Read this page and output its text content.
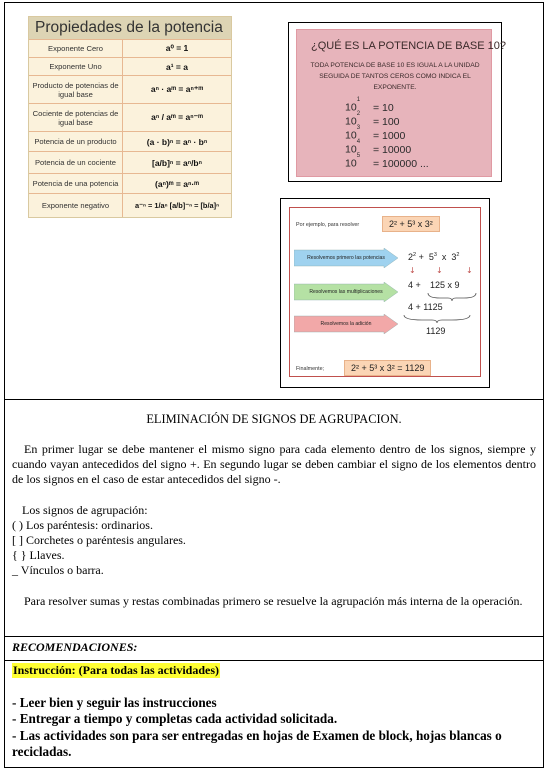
Propiedades de la potencia
Exponente Cero	a⁰ = 1
Exponente Uno	a¹ = a
Producto de potencias de igual base	aⁿ · aᵐ = aⁿ⁺ᵐ
Cociente de potencias de igual base	aⁿ / aᵐ = aⁿ⁻ᵐ
Potencia de un producto	(a · b)ⁿ = aⁿ · bⁿ
Potencia de un cociente	[a/b]ⁿ = aⁿ/bⁿ
Potencia de una potencia	(aⁿ)ᵐ = aⁿ·ᵐ
Exponente negativo	a⁻ⁿ = 1/aⁿ [a/b]⁻ⁿ = [b/a]ⁿ
¿QUÉ ES LA POTENCIA DE BASE 10?
TODA POTENCIA DE BASE 10 ES IGUAL A LA UNIDAD SEGUIDA DE TANTOS CEROS COMO INDICA EL EXPONENTE.
$10^1 = 10$
$10^2 = 100$
$10^3 = 1000$
$10^4 = 10000$
$10^5 = 100000$ ...
Por ejemplo, para resolver	2² + 5³ x 3²
Resolvemos primero las potencias
Resolvemos las multiplicaciones
Resolvemos la adición
$2^2 + 5^3$  x  $3^2$
↓	↓	↓
4 + 125 x 9
4 + 1125
1129
Finalmente;	2² + 5³ x 3² = 1129
ELIMINACIÓN DE SIGNOS DE AGRUPACION.
En primer lugar se debe mantener el mismo signo para cada elemento dentro de los signos, siempre y cuando vayan antecedidos del signo +. En segundo lugar se deben cambiar el signo de los elementos dentro de los signos en el caso de estar antecedidos del signo -.
Los signos de agrupación:
( ) Los paréntesis: ordinarios.
[ ] Corchetes o paréntesis angulares.
{ } Llaves.
_ Vínculos o barra.
Para resolver sumas y restas combinadas primero se resuelve la agrupación más interna de la operación.
RECOMENDACIONES:
Instrucción: (Para todas las actividades)
- Leer bien y seguir las instrucciones
- Entregar a tiempo y completas cada actividad solicitada.
- Las actividades son para ser entregadas en hojas de Examen de block, hojas blancas o recicladas.
